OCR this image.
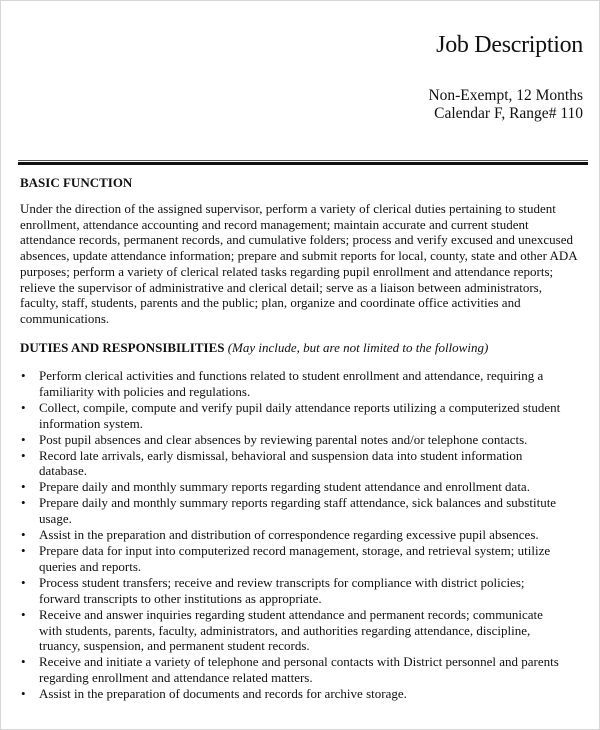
Job Description
Non-Exempt, 12 Months
Calendar F, Range# 110
BASIC FUNCTION
Under the direction of the assigned supervisor, perform a variety of clerical duties pertaining to student enrollment, attendance accounting and record management; maintain accurate and current student attendance records, permanent records, and cumulative folders; process and verify excused and unexcused absences, update attendance information; prepare and submit reports for local, county, state and other ADA purposes; perform a variety of clerical related tasks regarding pupil enrollment and attendance reports; relieve the supervisor of administrative and clerical detail; serve as a liaison between administrators, faculty, staff, students, parents and the public; plan, organize and coordinate office activities and communications.
DUTIES AND RESPONSIBILITIES (May include, but are not limited to the following)
• Perform clerical activities and functions related to student enrollment and attendance, requiring a familiarity with policies and regulations.
• Collect, compile, compute and verify pupil daily attendance reports utilizing a computerized student information system.
• Post pupil absences and clear absences by reviewing parental notes and/or telephone contacts.
• Record late arrivals, early dismissal, behavioral and suspension data into student information database.
• Prepare daily and monthly summary reports regarding student attendance and enrollment data.
• Prepare daily and monthly summary reports regarding staff attendance, sick balances and substitute usage.
• Assist in the preparation and distribution of correspondence regarding excessive pupil absences.
• Prepare data for input into computerized record management, storage, and retrieval system; utilize queries and reports.
• Process student transfers; receive and review transcripts for compliance with district policies; forward transcripts to other institutions as appropriate.
• Receive and answer inquiries regarding student attendance and permanent records; communicate with students, parents, faculty, administrators, and authorities regarding attendance, discipline, truancy, suspension, and permanent student records.
• Receive and initiate a variety of telephone and personal contacts with District personnel and parents regarding enrollment and attendance related matters.
• Assist in the preparation of documents and records for archive storage.
